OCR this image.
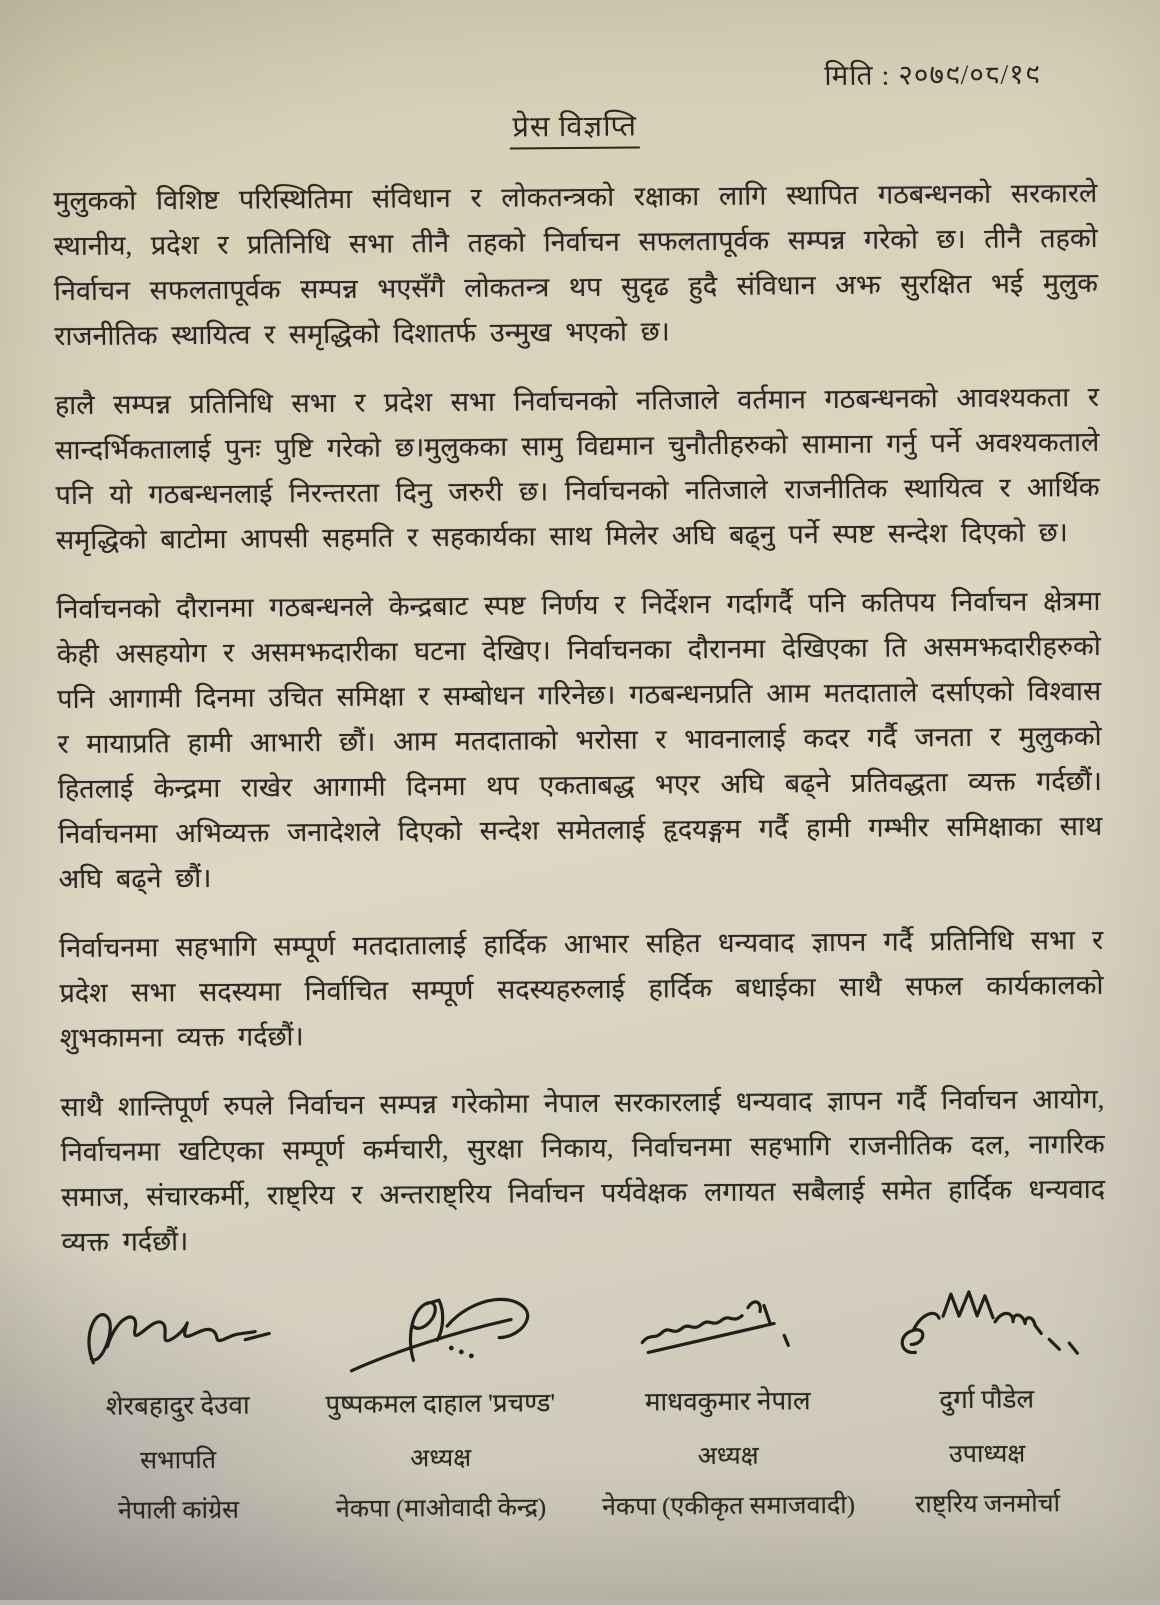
मिति : २०७९/०८/१९
प्रेस विज्ञप्ति

मुलुकको विशिष्ट परिस्थितिमा संविधान र लोकतन्त्रको रक्षाका लागि स्थापित गठबन्धनको सरकारले स्थानीय, प्रदेश र प्रतिनिधि सभा तीनै तहको निर्वाचन सफलतापूर्वक सम्पन्न गरेको छ। तीनै तहको निर्वाचन सफलतापूर्वक सम्पन्न भएसँगै लोकतन्त्र थप सुदृढ हुदै संविधान अझ सुरक्षित भई मुलुक राजनीतिक स्थायित्व र समृद्धिको दिशातर्फ उन्मुख भएको छ।

हालै सम्पन्न प्रतिनिधि सभा र प्रदेश सभा निर्वाचनको नतिजाले वर्तमान गठबन्धनको आवश्यकता र सान्दर्भिकतालाई पुनः पुष्टि गरेको छ।मुलुकका सामु विद्यमान चुनौतीहरुको सामाना गर्नु पर्ने अवश्यकताले पनि यो गठबन्धनलाई निरन्तरता दिनु जरुरी छ। निर्वाचनको नतिजाले राजनीतिक स्थायित्व र आर्थिक समृद्धिको बाटोमा आपसी सहमति र सहकार्यका साथ मिलेर अघि बढ्नु पर्ने स्पष्ट सन्देश दिएको छ।

निर्वाचनको दौरानमा गठबन्धनले केन्द्रबाट स्पष्ट निर्णय र निर्देशन गर्दागर्दै पनि कतिपय निर्वाचन क्षेत्रमा केही असहयोग र असमझदारीका घटना देखिए। निर्वाचनका दौरानमा देखिएका ति असमझदारीहरुको पनि आगामी दिनमा उचित समिक्षा र सम्बोधन गरिनेछ। गठबन्धनप्रति आम मतदाताले दर्साएको विश्वास र मायाप्रति हामी आभारी छौं। आम मतदाताको भरोसा र भावनालाई कदर गर्दै जनता र मुलुकको हितलाई केन्द्रमा राखेर आगामी दिनमा थप एकताबद्ध भएर अघि बढ्ने प्रतिवद्धता व्यक्त गर्दछौं। निर्वाचनमा अभिव्यक्त जनादेशले दिएको सन्देश समेतलाई हृदयङ्गम गर्दै हामी गम्भीर समिक्षाका साथ अघि बढ्ने छौं।

निर्वाचनमा सहभागि सम्पूर्ण मतदातालाई हार्दिक आभार सहित धन्यवाद ज्ञापन गर्दै प्रतिनिधि सभा र प्रदेश सभा सदस्यमा निर्वाचित सम्पूर्ण सदस्यहरुलाई हार्दिक बधाईका साथै सफल कार्यकालको शुभकामना व्यक्त गर्दछौं।

साथै शान्तिपूर्ण रुपले निर्वाचन सम्पन्न गरेकोमा नेपाल सरकारलाई धन्यवाद ज्ञापन गर्दै निर्वाचन आयोग, निर्वाचनमा खटिएका सम्पूर्ण कर्मचारी, सुरक्षा निकाय, निर्वाचनमा सहभागि राजनीतिक दल, नागरिक समाज, संचारकर्मी, राष्ट्रिय र अन्तराष्ट्रिय निर्वाचन पर्यवेक्षक लगायत सबैलाई समेत हार्दिक धन्यवाद व्यक्त गर्दछौं।

शेरबहादुर देउवा
सभापति
नेपाली कांग्रेस
पुष्पकमल दाहाल 'प्रचण्ड'
अध्यक्ष
नेकपा (माओवादी केन्द्र)
माधवकुमार नेपाल
अध्यक्ष
नेकपा (एकीकृत समाजवादी)
दुर्गा पौडेल
उपाध्यक्ष
राष्ट्रिय जनमोर्चा
